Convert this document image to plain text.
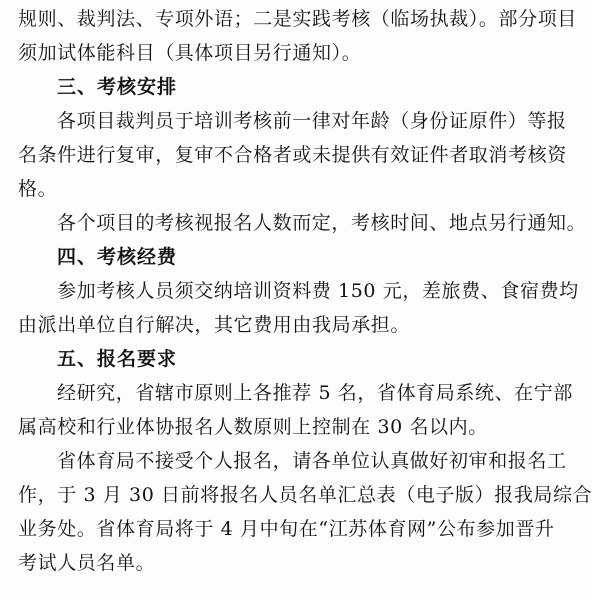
规则、裁判法、专项外语；二是实践考核（临场执裁）。部分项目
须加试体能科目（具体项目另行通知）。
三、考核安排
各项目裁判员于培训考核前一律对年龄（身份证原件）等报
名条件进行复审，复审不合格者或未提供有效证件者取消考核资
格。
各个项目的考核视报名人数而定，考核时间、地点另行通知。
四、考核经费
参加考核人员须交纳培训资料费 150 元，差旅费、食宿费均
由派出单位自行解决，其它费用由我局承担。
五、报名要求
经研究，省辖市原则上各推荐 5 名，省体育局系统、在宁部
属高校和行业体协报名人数原则上控制在 30 名以内。
省体育局不接受个人报名，请各单位认真做好初审和报名工
作，于 3 月 30 日前将报名人员名单汇总表（电子版）报我局综合
业务处。省体育局将于 4 月中旬在“江苏体育网”公布参加晋升
考试人员名单。
